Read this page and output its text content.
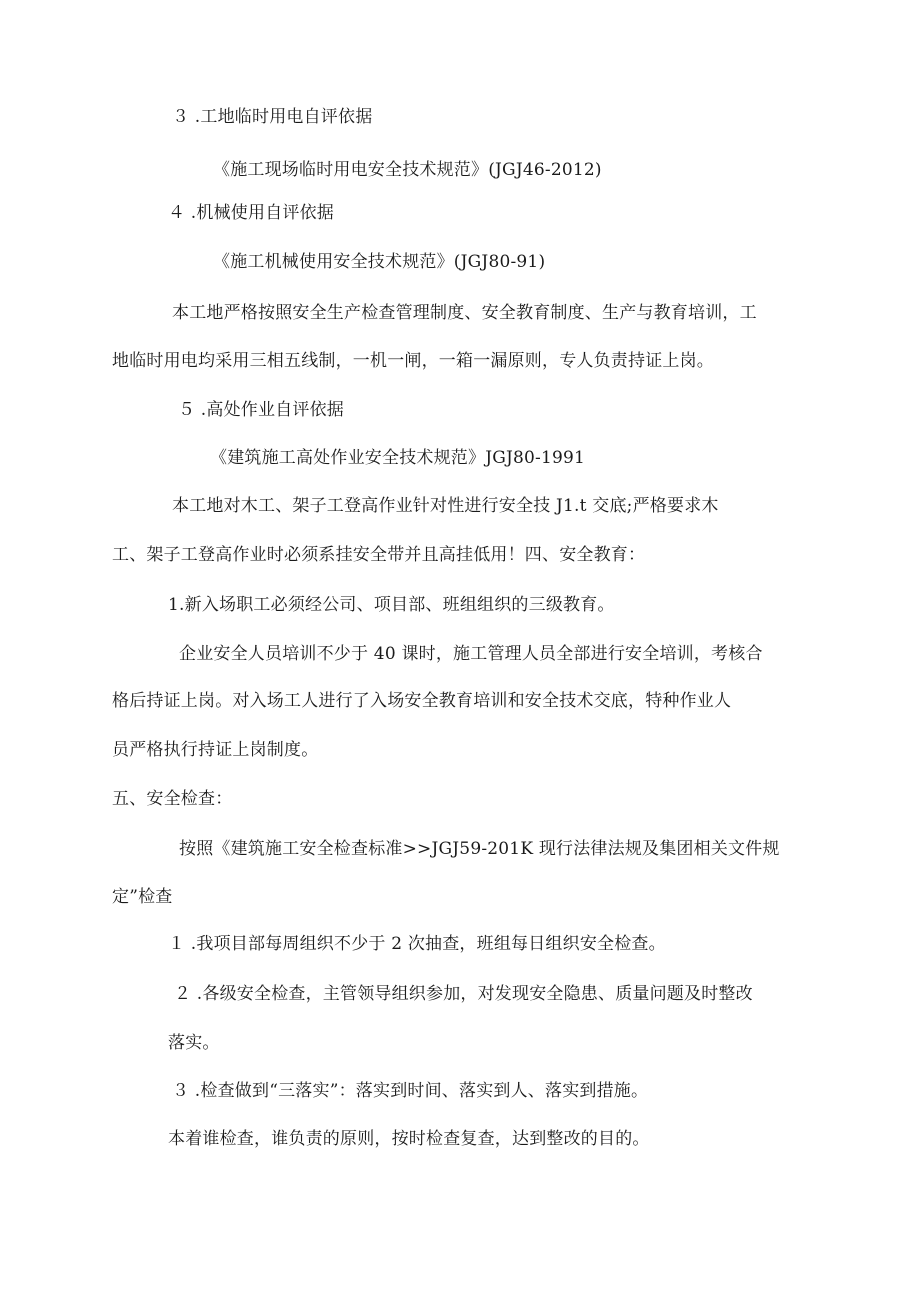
３ .工地临时用电自评依据
《施工现场临时用电安全技术规范》(JGJ46-2012)
４ .机械使用自评依据
《施工机械使用安全技术规范》(JGJ80-91)
本工地严格按照安全生产检查管理制度、安全教育制度、生产与教育培训，工
地临时用电均采用三相五线制，一机一闸，一箱一漏原则，专人负责持证上岗。
５ .高处作业自评依据
《建筑施工高处作业安全技术规范》JGJ80-1991
本工地对木工、架子工登高作业针对性进行安全技 J1.t 交底;严格要求木
工、架子工登高作业时必须系挂安全带并且高挂低用！四、安全教育：
1.新入场职工必须经公司、项目部、班组组织的三级教育。
企业安全人员培训不少于 40 课时，施工管理人员全部进行安全培训，考核合
格后持证上岗。对入场工人进行了入场安全教育培训和安全技术交底，特种作业人
员严格执行持证上岗制度。
五、安全检查：
按照《建筑施工安全检查标准>>JGJ59-201K 现行法律法规及集团相关文件规
定”检查
１ .我项目部每周组织不少于 2 次抽查，班组每日组织安全检查。
２ .各级安全检查，主管领导组织参加，对发现安全隐患、质量问题及时整改
落实。
３ .检查做到“三落实”：落实到时间、落实到人、落实到措施。
本着谁检查，谁负责的原则，按时检查复查，达到整改的目的。
